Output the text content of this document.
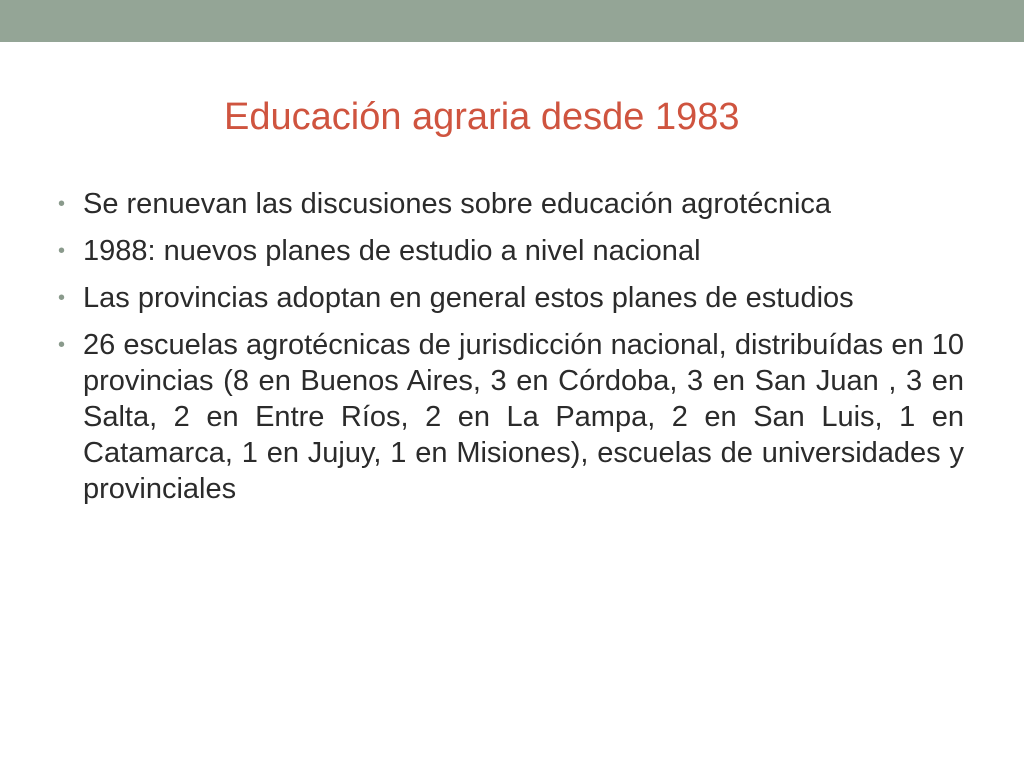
Educación agraria desde 1983
• Se renuevan las discusiones sobre educación agrotécnica
• 1988: nuevos planes de estudio a nivel nacional
• Las provincias adoptan en general estos planes de estudios
• 26 escuelas agrotécnicas de jurisdicción nacional, distribuídas en 10 provincias (8 en Buenos Aires, 3 en Córdoba, 3 en San Juan , 3 en Salta, 2 en Entre Ríos, 2 en La Pampa, 2 en San Luis, 1 en Catamarca, 1 en Jujuy, 1 en Misiones), escuelas de universidades y provinciales
